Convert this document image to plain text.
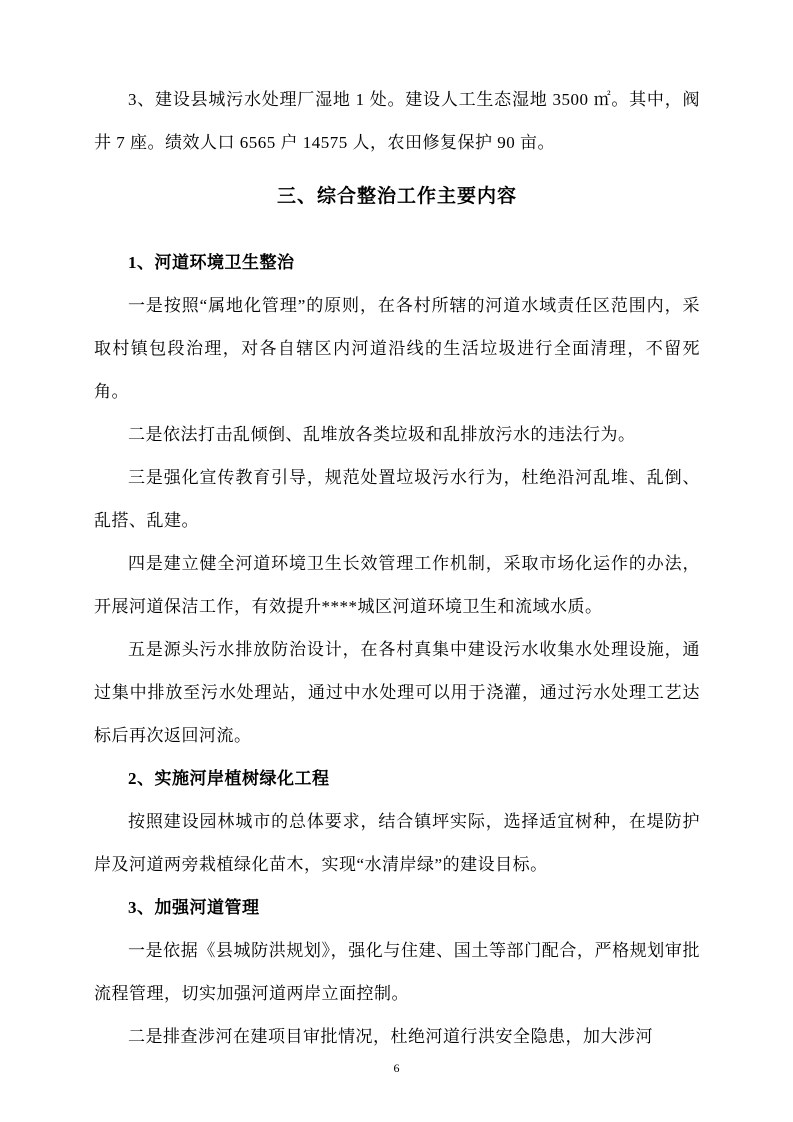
3、建设县城污水处理厂湿地 1 处。建设人工生态湿地 3500 ㎡。其中，阀井 7 座。绩效人口 6565 户 14575 人，农田修复保护 90 亩。

三、综合整治工作主要内容

1、河道环境卫生整治

一是按照“属地化管理”的原则，在各村所辖的河道水域责任区范围内，采取村镇包段治理，对各自辖区内河道沿线的生活垃圾进行全面清理，不留死角。

二是依法打击乱倾倒、乱堆放各类垃圾和乱排放污水的违法行为。

三是强化宣传教育引导，规范处置垃圾污水行为，杜绝沿河乱堆、乱倒、乱搭、乱建。

四是建立健全河道环境卫生长效管理工作机制，采取市场化运作的办法，开展河道保洁工作，有效提升****城区河道环境卫生和流域水质。

五是源头污水排放防治设计，在各村真集中建设污水收集水处理设施，通过集中排放至污水处理站，通过中水处理可以用于浇灌，通过污水处理工艺达标后再次返回河流。

2、实施河岸植树绿化工程

按照建设园林城市的总体要求，结合镇坪实际，选择适宜树种，在堤防护岸及河道两旁栽植绿化苗木，实现“水清岸绿”的建设目标。

3、加强河道管理

一是依据《县城防洪规划》，强化与住建、国土等部门配合，严格规划审批流程管理，切实加强河道两岸立面控制。

二是排查涉河在建项目审批情况，杜绝河道行洪安全隐患，加大涉河

6
